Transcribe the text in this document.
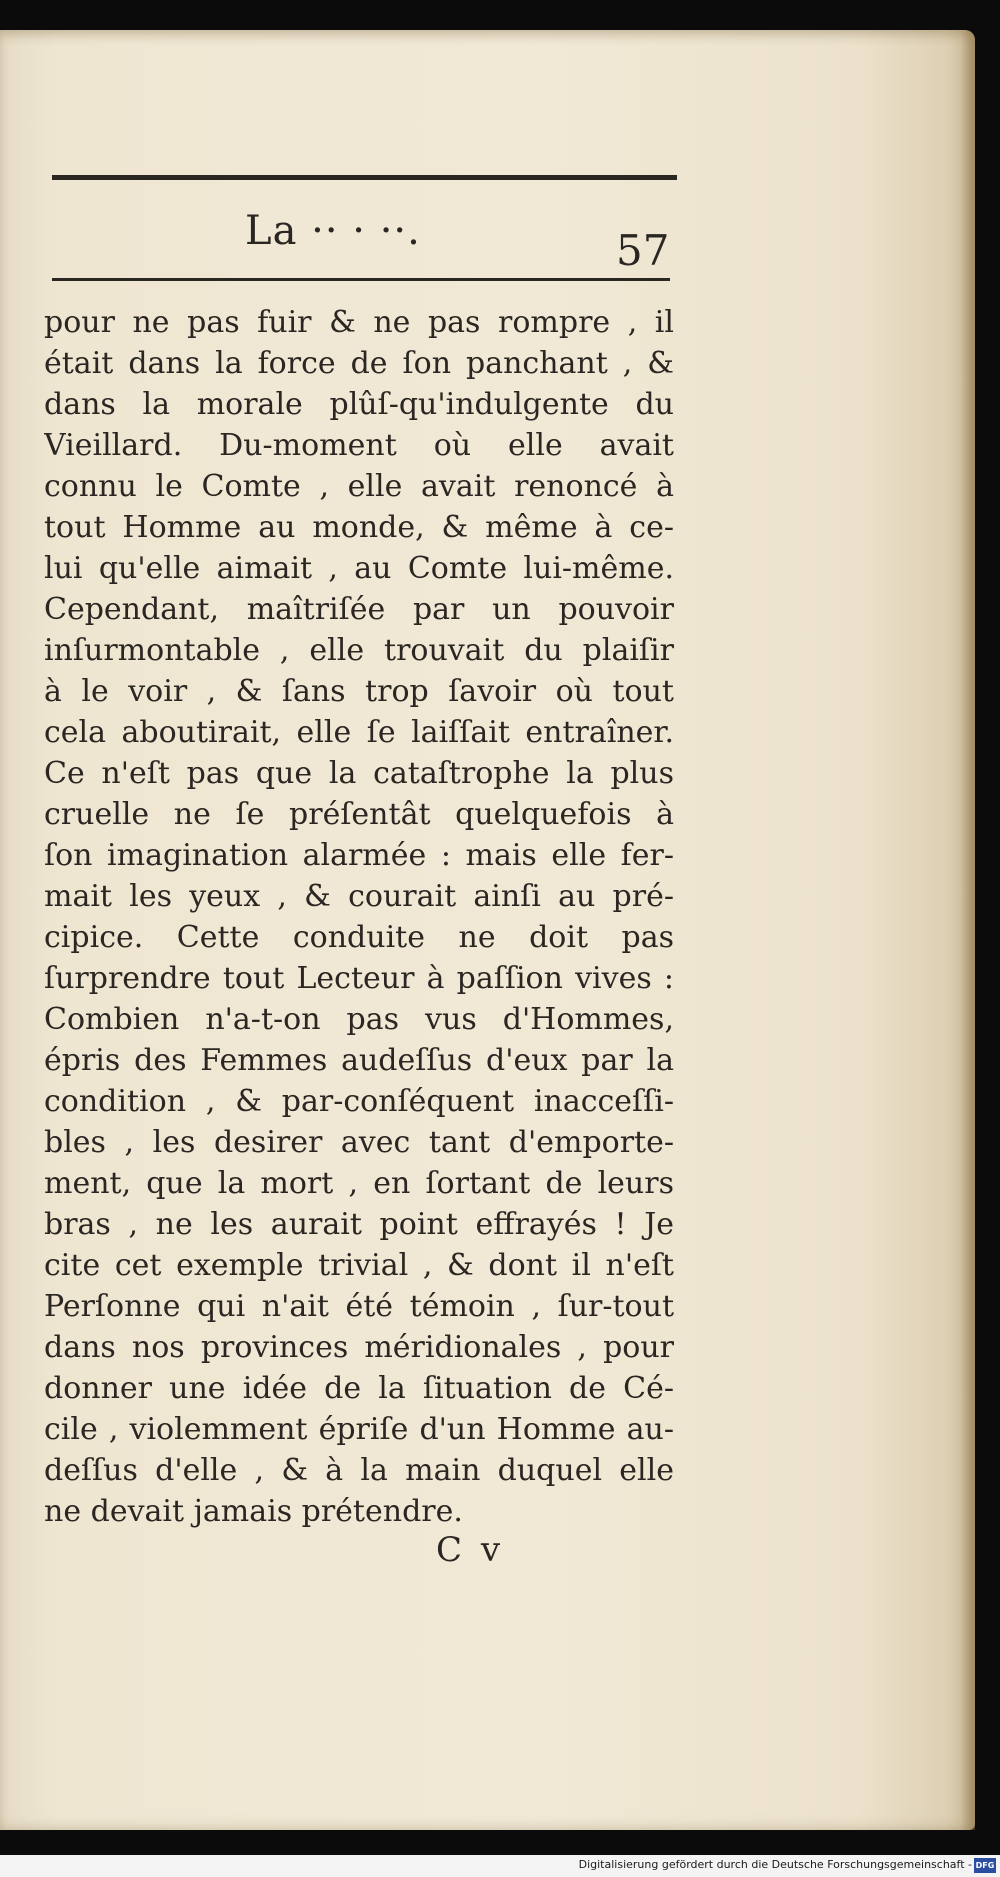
La ·· · ··.	57
pour ne pas fuir & ne pas rompre , il
était dans la force de ſon panchant , &
dans la morale plûſ-qu'indulgente du
Vieillard. Du-moment où elle avait
connu le Comte , elle avait renoncé à
tout Homme au monde, & même à ce-
lui qu'elle aimait , au Comte lui-même.
Cependant, maîtriſée par un pouvoir
inſurmontable , elle trouvait du plaiſir
à le voir , & ſans trop ſavoir où tout
cela aboutirait, elle ſe laiſſait entraîner.
Ce n'eſt pas que la cataſtrophe la plus
cruelle ne ſe préſentât quelquefois à
ſon imagination alarmée : mais elle fer-
mait les yeux , & courait ainſi au pré-
cipice. Cette conduite ne doit pas
ſurprendre tout Lecteur à paſſion vives :
Combien n'a-t-on pas vus d'Hommes,
épris des Femmes audeſſus d'eux par la
condition , & par-conſéquent inacceſſi-
bles , les desirer avec tant d'emporte-
ment, que la mort , en ſortant de leurs
bras , ne les aurait point effrayés ! Je
cite cet exemple trivial , & dont il n'eſt
Perſonne qui n'ait été témoin , ſur-tout
dans nos provinces méridionales , pour
donner une idée de la ſituation de Cé-
cile , violemment épriſe d'un Homme au-
deſſus d'elle , & à la main duquel elle
ne devait jamais prétendre.
C v
Digitalisierung gefördert durch die Deutsche Forschungsgemeinschaft - DFG
